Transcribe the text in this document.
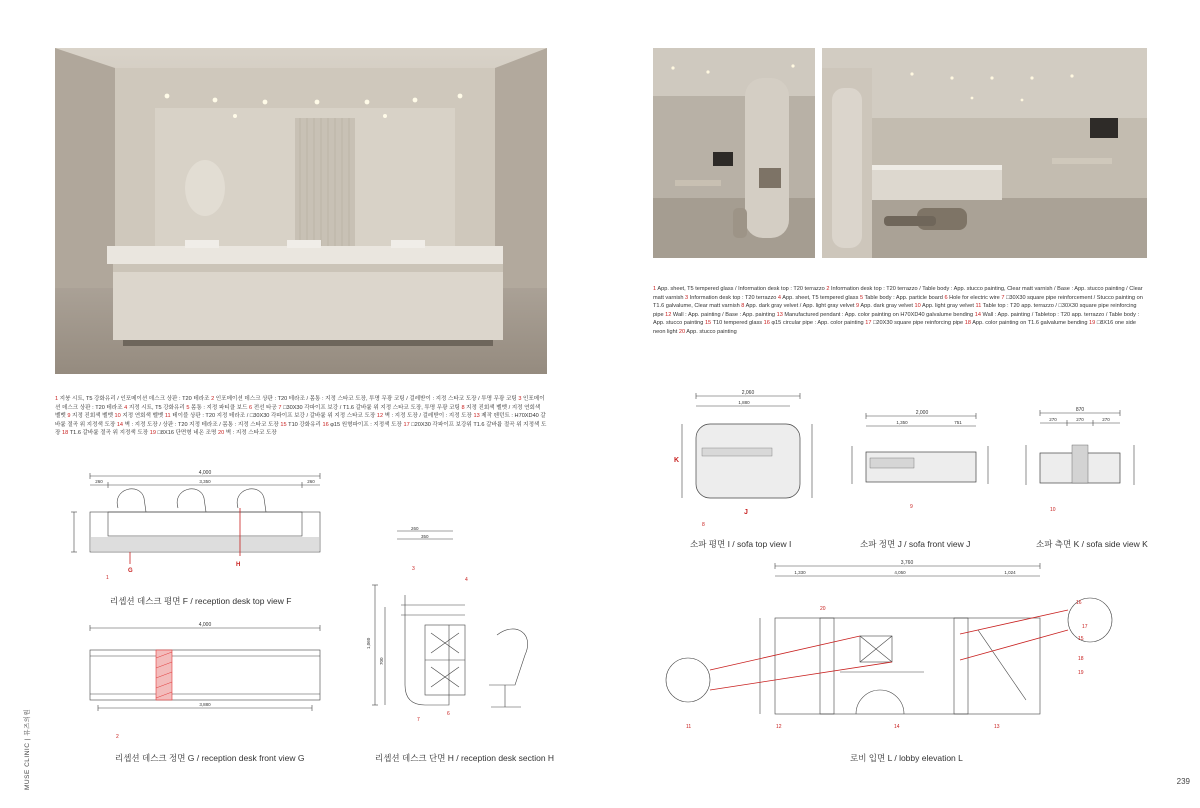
1 지붕 시트, T5 강화유리 / 인포메이션 데스크 상판 : T20 테라조 2 인포메이션 데스크 상판 : T20 테라조 / 몸통 : 지정 스타코 도장, 투명 무광 코팅 / 걸레받이 : 지정 스타코 도장 / 투명 무광 코팅 3 인포메이션 데스크 상판 : T20 테라조 4 지정 시트, T5 강화유리 5 몸통 : 지정 파티클 보드 6 전선 타공 7 □30X30 각파이프 보강 / T1.6 갈바륨 위 지정 스타코 도장, 투명 무광 코팅 8 지정 진회색 벨벳 / 지정 연회색 벨벳 9 지정 진회색 벨벳 10 지정 연회색 벨벳 11 테이블 상판 : T20 지정 테라조 / □30X30 각파이프 보강 / 갈바륨 위 지정 스타코 도장 12 벽 : 지정 도장 / 걸레받이 : 지정 도장 13 제작 펜던트 : H70XD40 갈바륨 절곡 위 지정색 도장 14 벽 : 지정 도장 / 상판 : T20 지정 테라조 / 몸통 : 지정 스타코 도장 15 T10 강화유리 16 φ15 원형파이프 : 지정색 도장 17 □20X30 각파이프 보강위 T1.6 갈바륨 절곡 위 지정색 도장 18 T1.6 갈바륨 절곡 위 지정색 도장 19 □8X16 단면형 네온 조명 20 벽 : 지정 스타코 도장
1 App. sheet, T5 tempered glass / Information desk top : T20 terrazzo 2 Information desk top : T20 terrazzo / Table body : App. stucco painting, Clear matt varnish / Base : App. stucco painting / Clear matt varnish 3 Information desk top : T20 terrazzo 4 App. sheet, T5 tempered glass 5 Table body : App. particle board 6 Hole for electric wire 7 □30X30 square pipe reinforcement / Stucco painting on T1.6 galvalume, Clear matt varnish 8 App. dark gray velvet / App. light gray velvet 9 App. dark gray velvet 10 App. light gray velvet 11 Table top : T20 app. terrazzo / □30X30 square pipe reinforcing pipe 12 Wall : App. painting / Base : App. painting 13 Manufactured pendant : App. color painting on H70XD40 galvalume bending 14 Wall : App. painting / Tabletop : T20 app. terrazzo / Table body : App. stucco painting 15 T10 tempered glass 16 φ15 circular pipe : App. color painting 17 □20X30 square pipe reinforcing pipe 18 App. color painting on T1.6 galvalume bending 19 □8X16 one side neon light 20 App. stucco painting
4,000
260	3,350	260
G
H
1
리셉션 데스크 평면 F / reception desk top view F
4,000
3,880
2
리셉션 데스크 정면 G / reception desk front view G
260
350
1,060
700
3
4
6
7
리셉션 데스크 단면 H / reception desk section H
2,060
1,880
K
J
8
소파 평면 I / sofa top view I
2,000
1,350	751
9
소파 정면 J / sofa front view J
870
270	270	270
10
소파 측면 K / sofa side view K
3,760
1,330	4,050	1,024
20
16
17
15
18
19
11	12	14	13
로비 입면 L / lobby elevation L
MUSE CLINIC | 뮤즈의원	239
